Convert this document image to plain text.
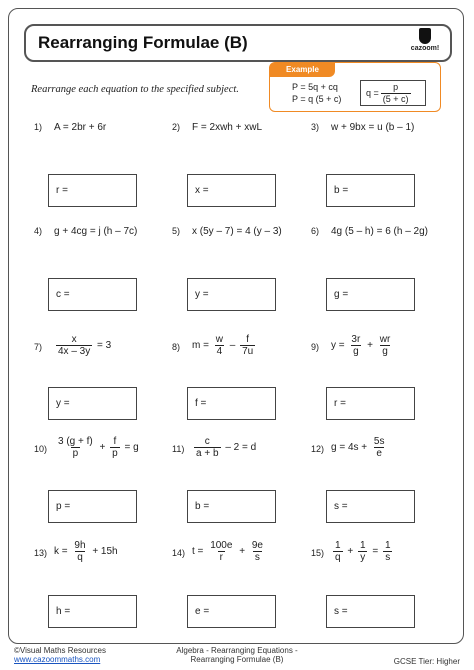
Rearranging Formulae (B)	cazoom!
Rearrange each equation to the specified subject.
Example
P = 5q + cq
P = q (5 + c)
$q = \frac{p}{(5 + c)}$
1) A = 2br + 6r
r =
2) F = 2xwh + xwL
x =
3) w + 9bx = u (b – 1)
b =
4) g + 4cg = j (h – 7c)
c =
5) x (5y – 7) = 4 (y – 3)
y =
6) 4g (5 – h) = 6 (h – 2g)
g =
$7) \frac{x}{4x - 3y}$
= 3
y =
8) m =
$\frac{w}{4}$
–
$\frac{f}{7u}$
f =
9) y =
$\frac{3r}{g}$
+
$\frac{wr}{g}$
r =
$10) \frac{3 (g + f)}{p}$
+
$\frac{f}{p}$
= g
p =
$11) \frac{c}{a + b}$
– 2 = d
b =
12) g = 4s +
$\frac{5s}{e}$
s =
13) k =
$\frac{9h}{q}$
+ 15h
h =
14) t =
$\frac{100e}{r}$
+
$\frac{9e}{s}$
e =
$15) \frac{1}{q}$
+
$\frac{1}{y}$
=
$\frac{1}{s}$
s =
©Visual Maths Resources
www.cazoommaths.com
Algebra - Rearranging Equations -
Rearranging Formulae (B)	GCSE Tier: Higher
